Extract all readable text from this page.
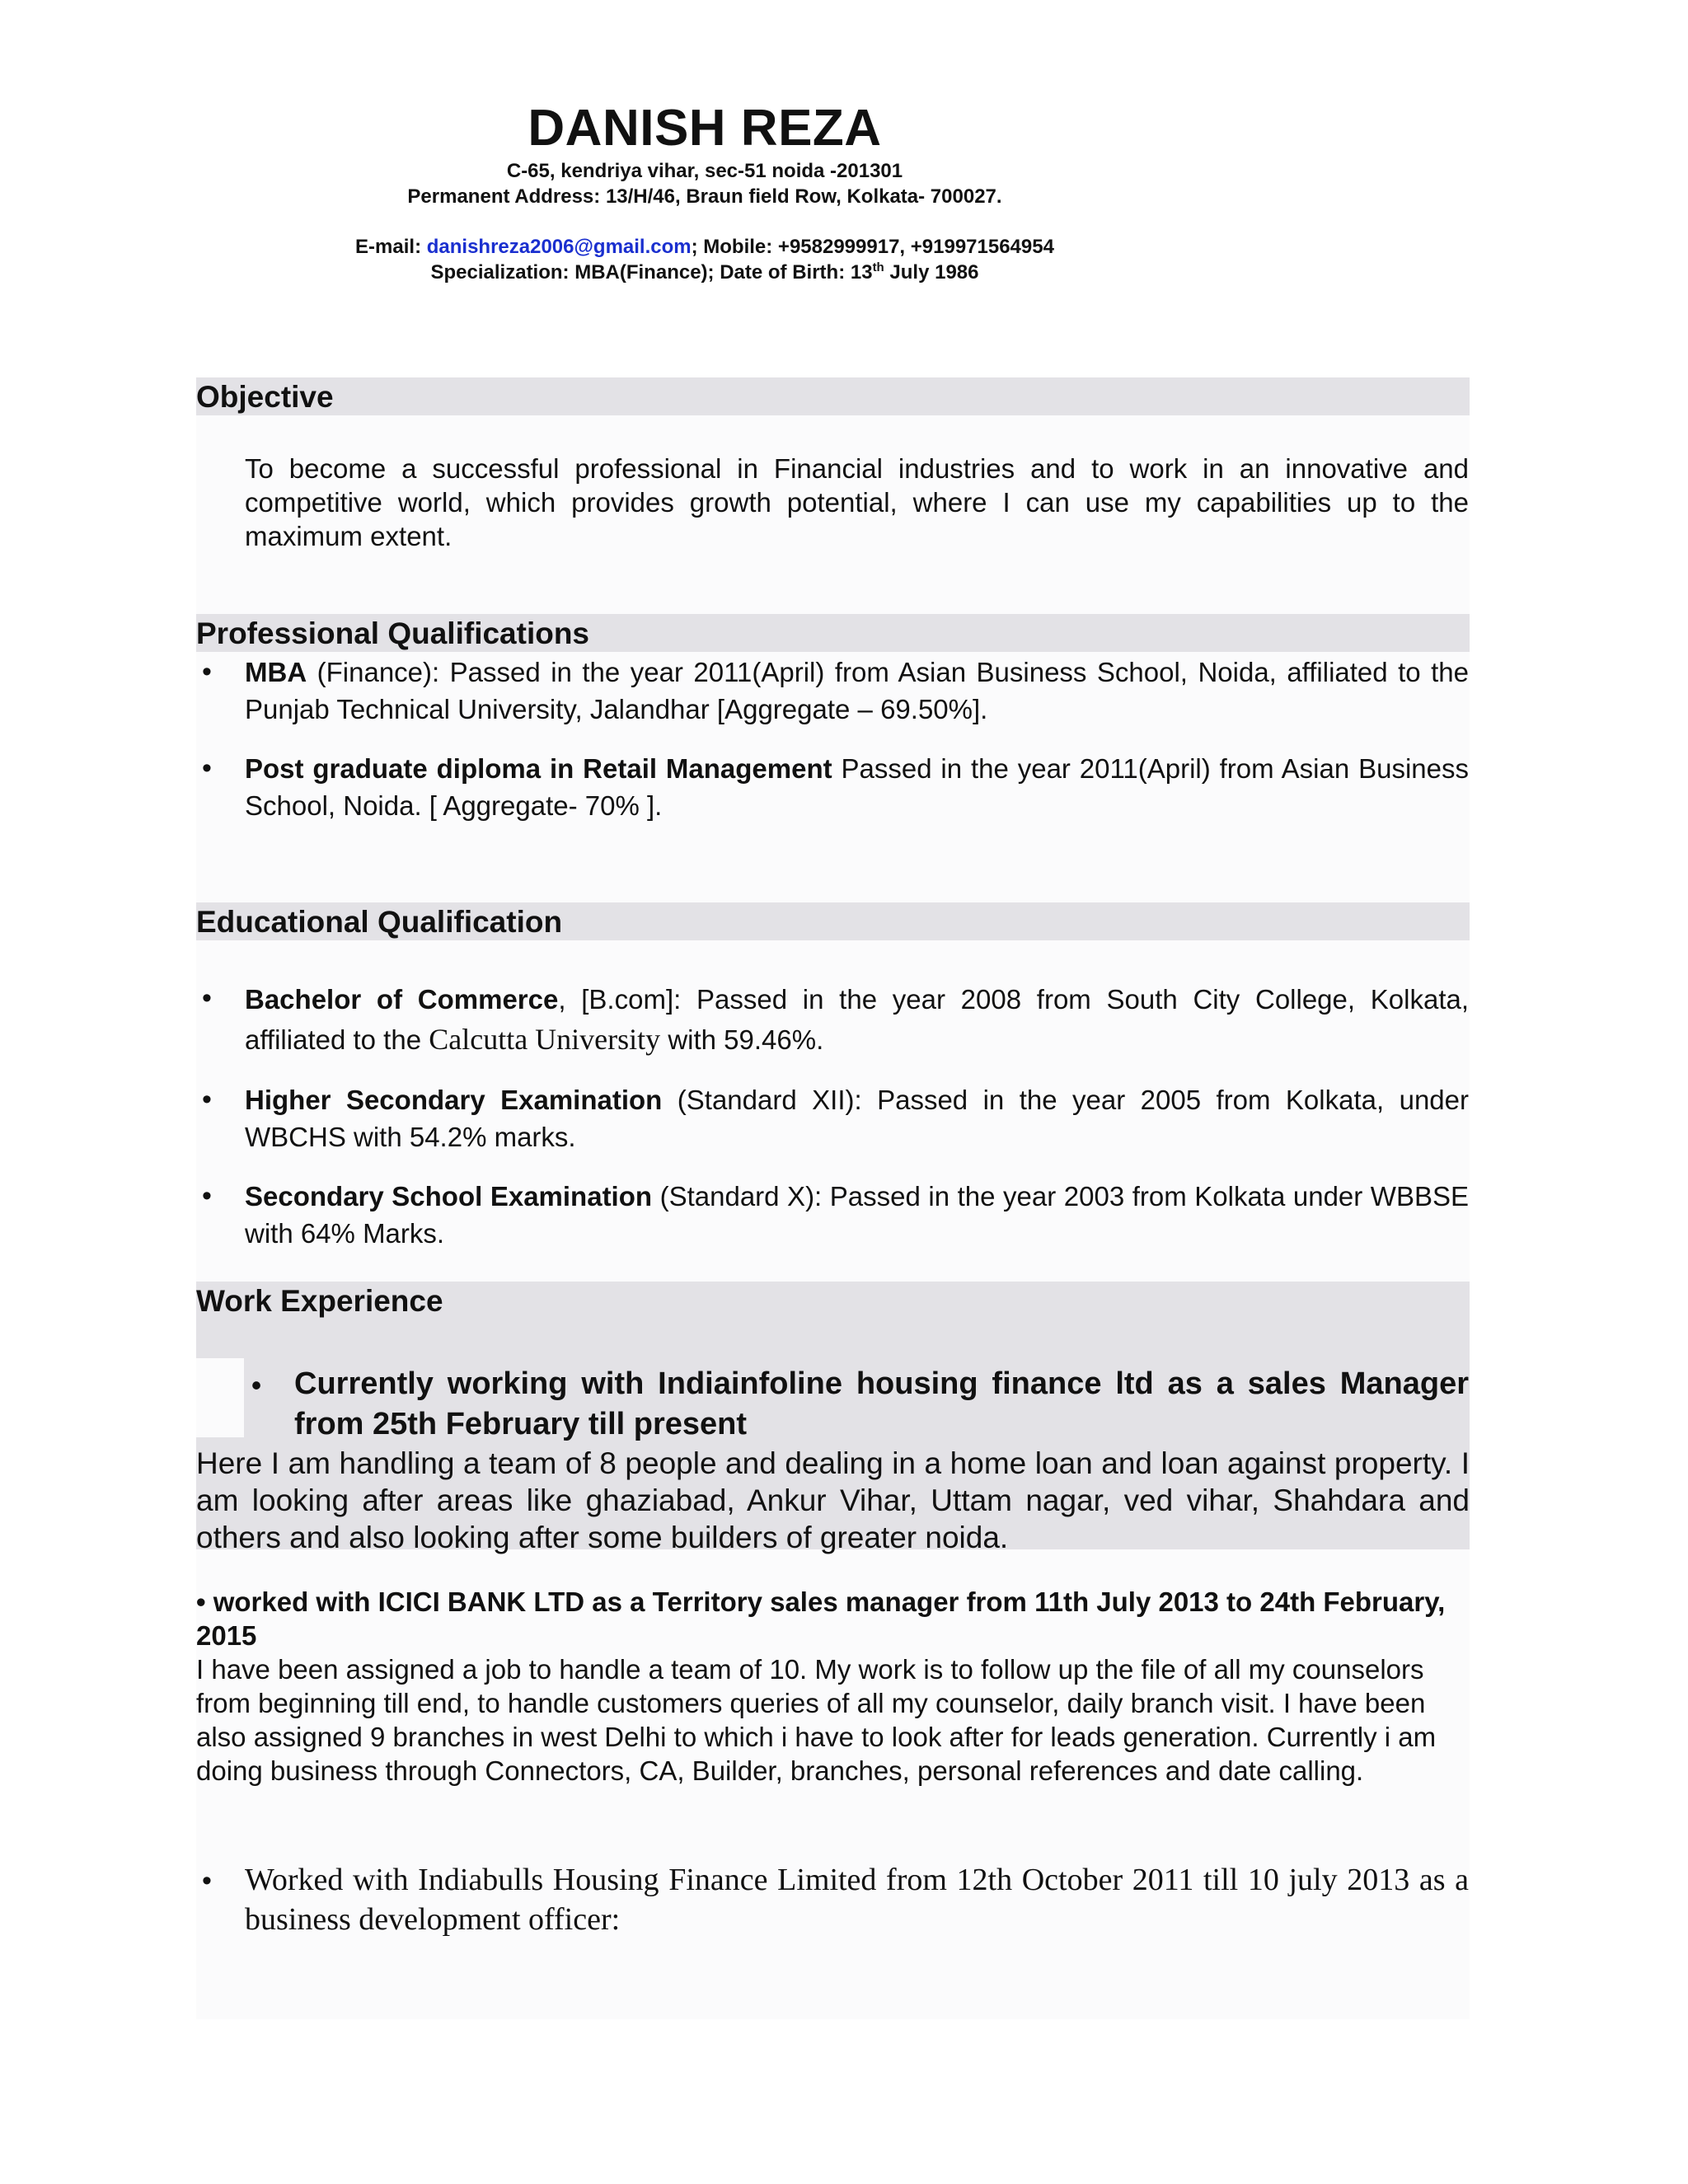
DANISH REZA

C-65, kendriya vihar, sec-51 noida -201301

Permanent Address: 13/H/46, Braun field Row, Kolkata- 700027.

E-mail: danishreza2006@gmail.com; Mobile: +9582999917, +919971564954

Specialization: MBA(Finance); Date of Birth: 13th July 1986

Objective

To become a successful professional in Financial industries and to work in an innovative and competitive world, which provides growth potential, where I can use my capabilities up to the maximum extent.

Professional Qualifications
• MBA (Finance): Passed in the year 2011(April) from Asian Business School, Noida, affiliated to the Punjab Technical University, Jalandhar [Aggregate – 69.50%].

• Post graduate diploma in Retail Management Passed in the year 2011(April) from Asian Business School, Noida. [ Aggregate- 70% ].

Educational Qualification
• Bachelor of Commerce, [B.com]: Passed in the year 2008 from South City College, Kolkata, affiliated to the Calcutta University with 59.46%.

• Higher Secondary Examination (Standard XII): Passed in the year 2005 from Kolkata, under WBCHS with 54.2% marks.

• Secondary School Examination (Standard X): Passed in the year 2003 from Kolkata under WBBSE with 64% Marks.

Work Experience
• Currently working with Indiainfoline housing finance ltd as a sales Manager from 25th February till present

Here I am handling a team of 8 people and dealing in a home loan and loan against property. I am looking after areas like ghaziabad, Ankur Vihar, Uttam nagar, ved vihar, Shahdara and others and also looking after some builders of greater noida.

• worked with ICICI BANK LTD as a Territory sales manager from 11th July 2013 to 24th February, 2015

I have been assigned a job to handle a team of 10. My work is to follow up the file of all my counselors from beginning till end, to handle customers queries of all my counselor, daily branch visit. I have been also assigned 9 branches in west Delhi to which i have to look after for leads generation. Currently i am doing business through Connectors, CA, Builder, branches, personal references and date calling.

• Worked with Indiabulls Housing Finance Limited from 12th October 2011 till 10 july 2013 as a business development officer:
